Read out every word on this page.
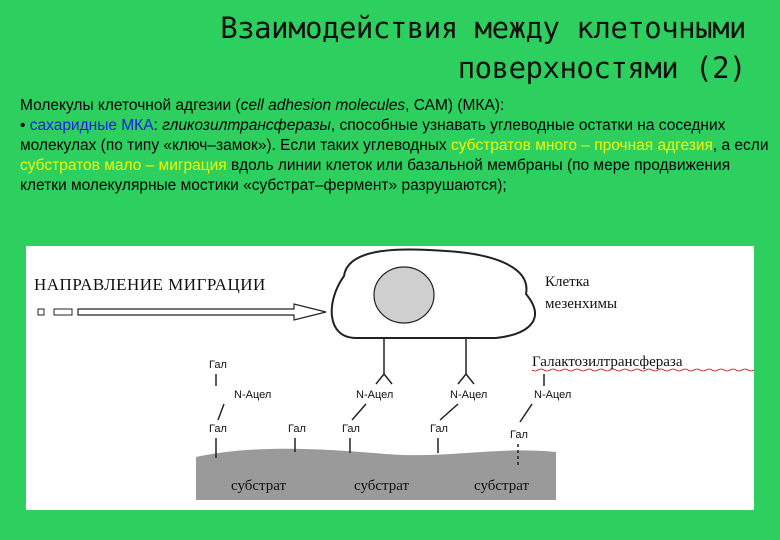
Взаимодействия между клеточными
поверхностями (2)

Молекулы клеточной адгезии (cell adhesion molecules, САМ) (МКА):

• сахаридные МКА: гликозилтрансферазы, способные узнавать углеводные остатки на соседних молекулах (по типу «ключ–замок»). Если таких углеводных субстратов много – прочная адгезия, а если субстратов мало – миграция вдоль линии клеток или базальной мембраны (по мере продвижения клетки молекулярные мостики «субстрат–фермент» разрушаются);

НАПРАВЛЕНИЕ МИГРАЦИИ	Клетка
мезенхимы
Галактозилтрансфераза
Гал
N-Ацел
Гал	Гал
N-Ацел
Гал
N-Ацел
Гал
N-Ацел
Гал
субстрат	субстрат	субстрат
